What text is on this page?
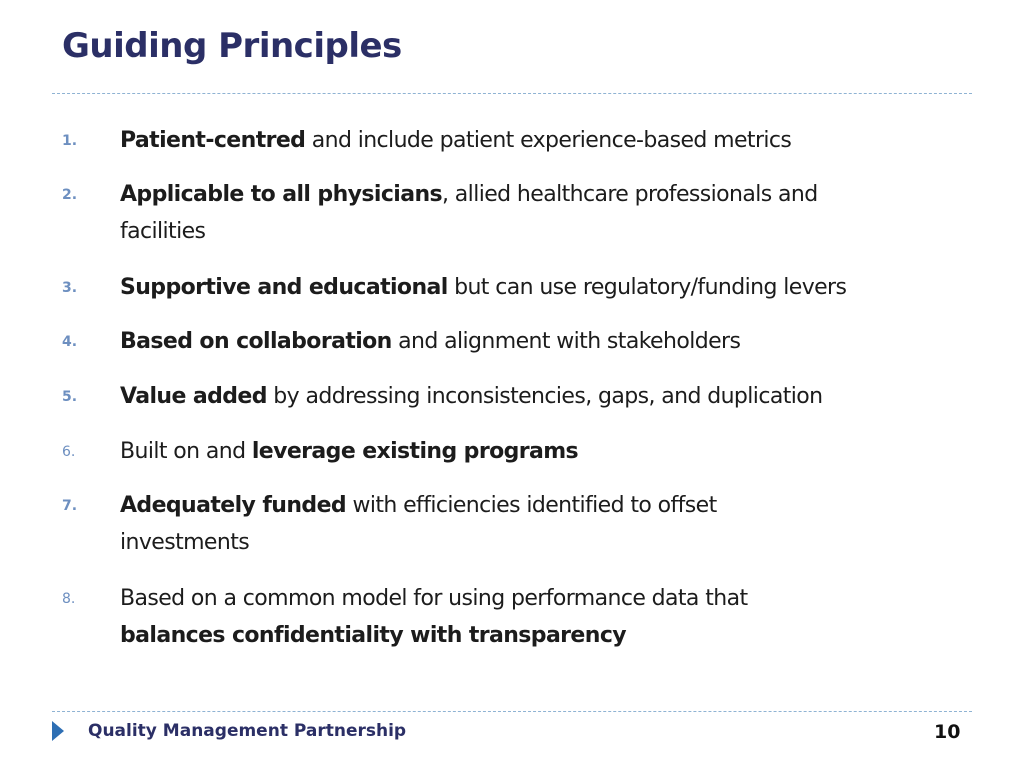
Guiding Principles
1. Patient-centred and include patient experience-based metrics

2. Applicable to all physicians, allied healthcare professionals and
facilities

3. Supportive and educational but can use regulatory/funding levers

4. Based on collaboration and alignment with stakeholders

5. Value added by addressing inconsistencies, gaps, and duplication

6. Built on and leverage existing programs

7. Adequately funded with efficiencies identified to offset
investments

8. Based on a common model for using performance data that
balances confidentiality with transparency

Quality Management Partnership	10
